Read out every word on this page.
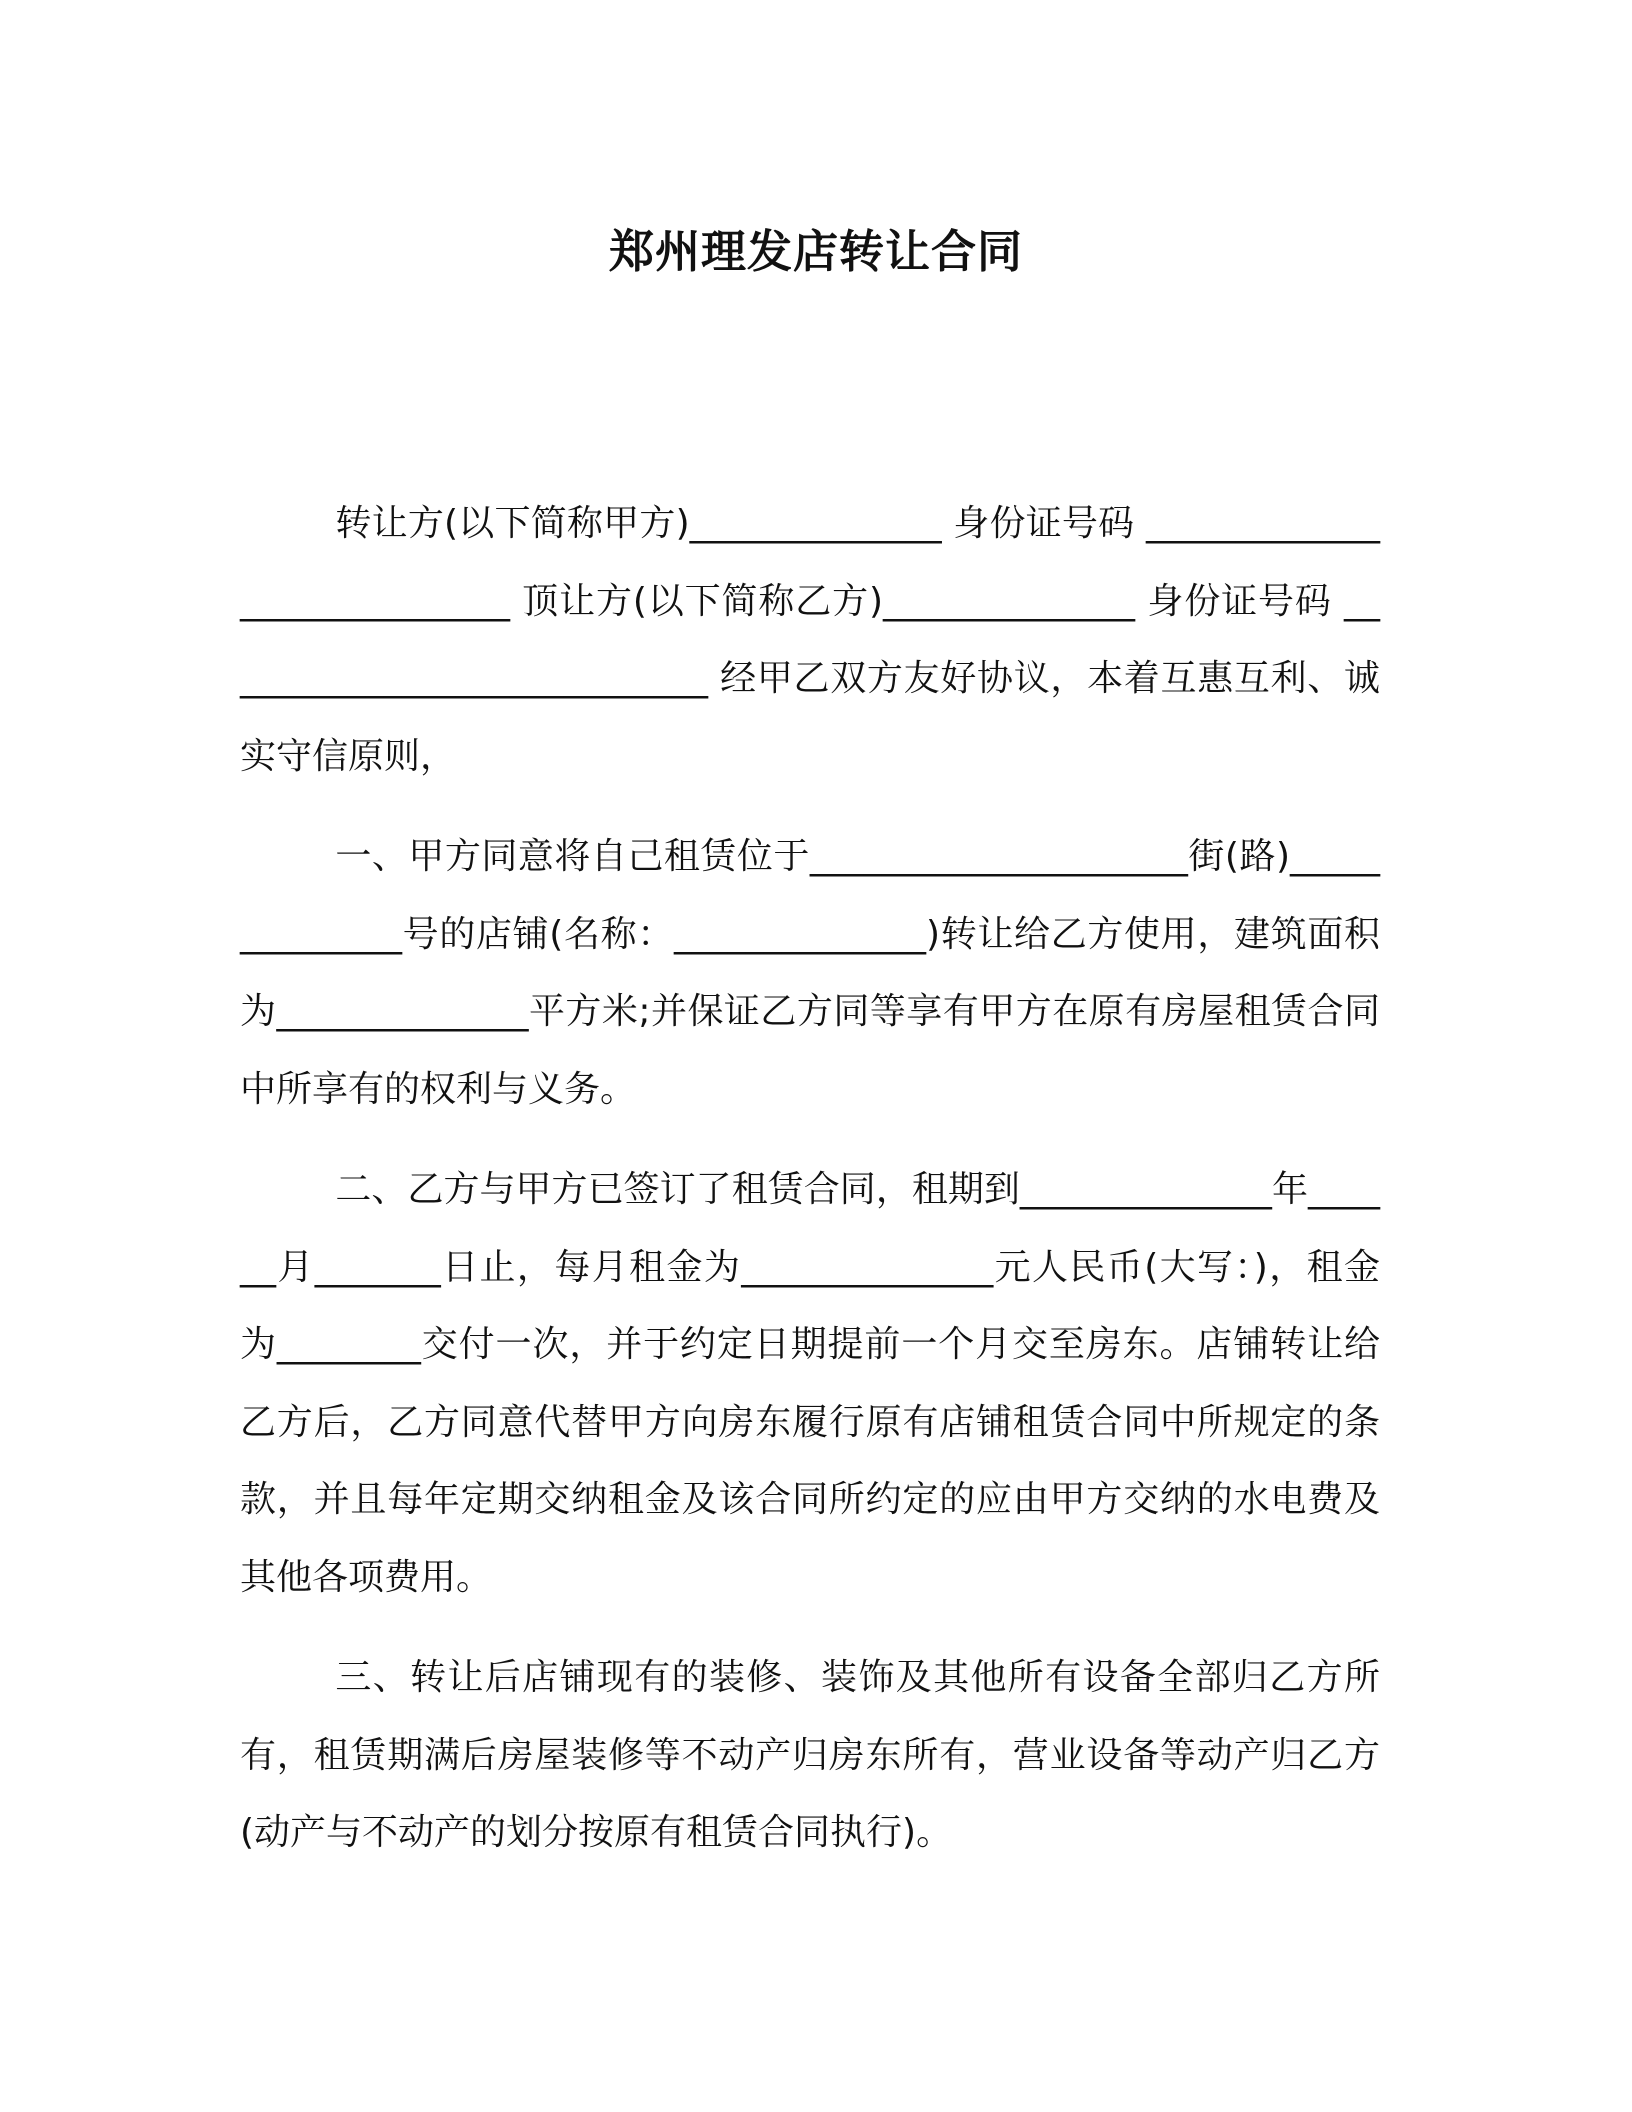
郑州理发店转让合同

转让方(以下简称甲方)______________ 身份证号码 ____________________________ 顶让方(以下简称乙方)______________ 身份证号码 ____________________________ 经甲乙双方友好协议，本着互惠互利、诚实守信原则，

一、甲方同意将自己租赁位于_____________________街(路)______________号的店铺(名称：______________)转让给乙方使用，建筑面积为______________平方米;并保证乙方同等享有甲方在原有房屋租赁合同中所享有的权利与义务。

二、乙方与甲方已签订了租赁合同，租期到______________年______月_______日止，每月租金为______________元人民币(大写：)，租金为________交付一次，并于约定日期提前一个月交至房东。店铺转让给乙方后，乙方同意代替甲方向房东履行原有店铺租赁合同中所规定的条款，并且每年定期交纳租金及该合同所约定的应由甲方交纳的水电费及其他各项费用。

三、转让后店铺现有的装修、装饰及其他所有设备全部归乙方所有，租赁期满后房屋装修等不动产归房东所有，营业设备等动产归乙方(动产与不动产的划分按原有租赁合同执行)。
